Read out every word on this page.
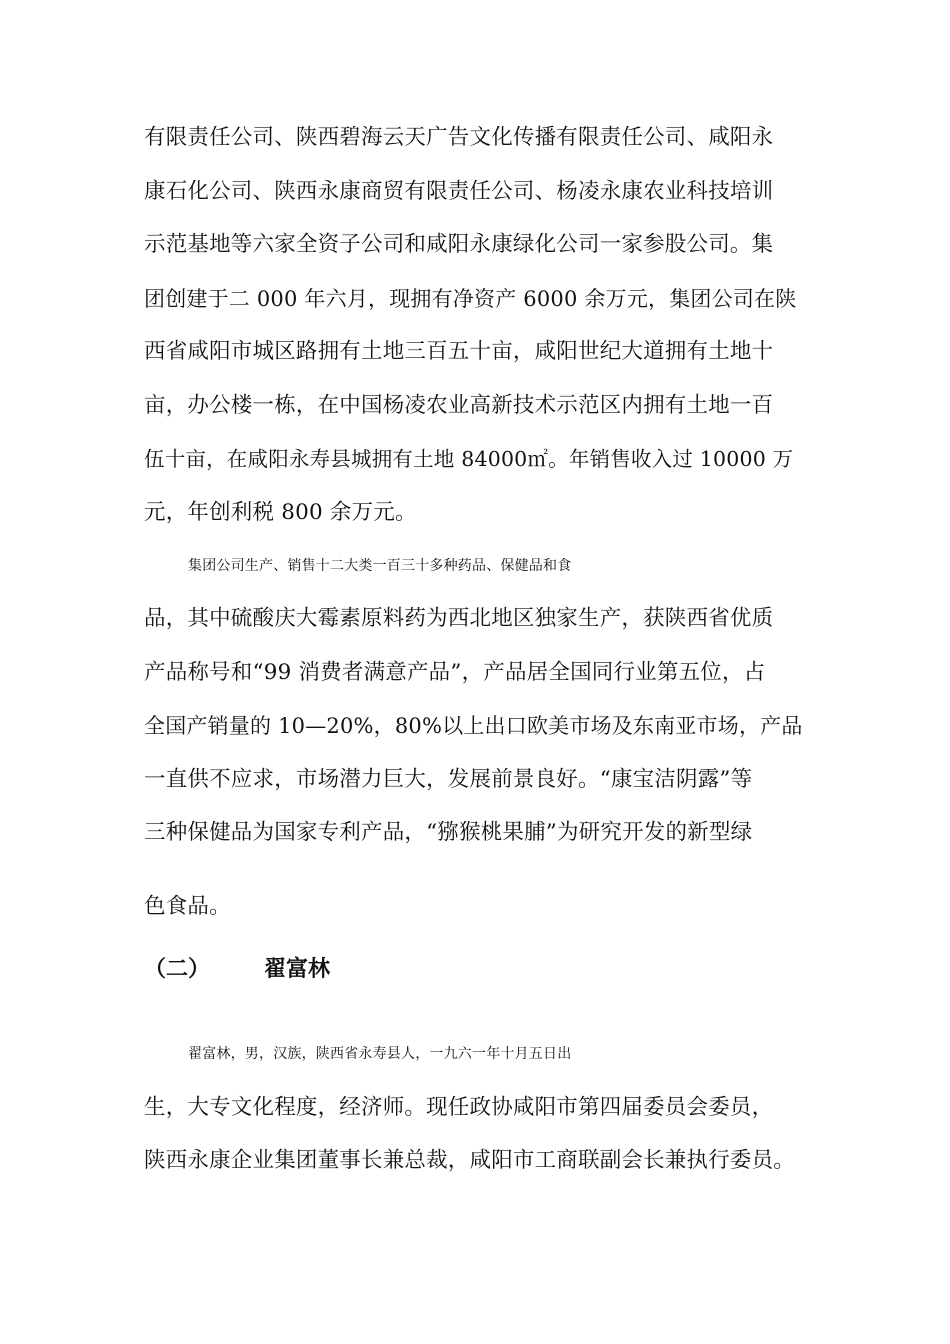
有限责任公司、陕西碧海云天广告文化传播有限责任公司、咸阳永
康石化公司、陕西永康商贸有限责任公司、杨凌永康农业科技培训
示范基地等六家全资子公司和咸阳永康绿化公司一家参股公司。集
团创建于二 000 年六月，现拥有净资产 6000 余万元，集团公司在陕
西省咸阳市城区路拥有土地三百五十亩，咸阳世纪大道拥有土地十
亩，办公楼一栋，在中国杨凌农业高新技术示范区内拥有土地一百
伍十亩，在咸阳永寿县城拥有土地 84000㎡。年销售收入过 10000 万
元，年创利税 800 余万元。
集团公司生产、销售十二大类一百三十多种药品、保健品和食
品，其中硫酸庆大霉素原料药为西北地区独家生产，获陕西省优质
产品称号和“99 消费者满意产品”，产品居全国同行业第五位，占
全国产销量的 10—20%，80%以上出口欧美市场及东南亚市场，产品
一直供不应求，市场潜力巨大，发展前景良好。“康宝洁阴露”等
三种保健品为国家专利产品，“猕猴桃果脯”为研究开发的新型绿
色食品。
（二） 翟富林
翟富林，男，汉族，陕西省永寿县人，一九六一年十月五日出
生，大专文化程度，经济师。现任政协咸阳市第四届委员会委员，
陕西永康企业集团董事长兼总裁，咸阳市工商联副会长兼执行委员。
